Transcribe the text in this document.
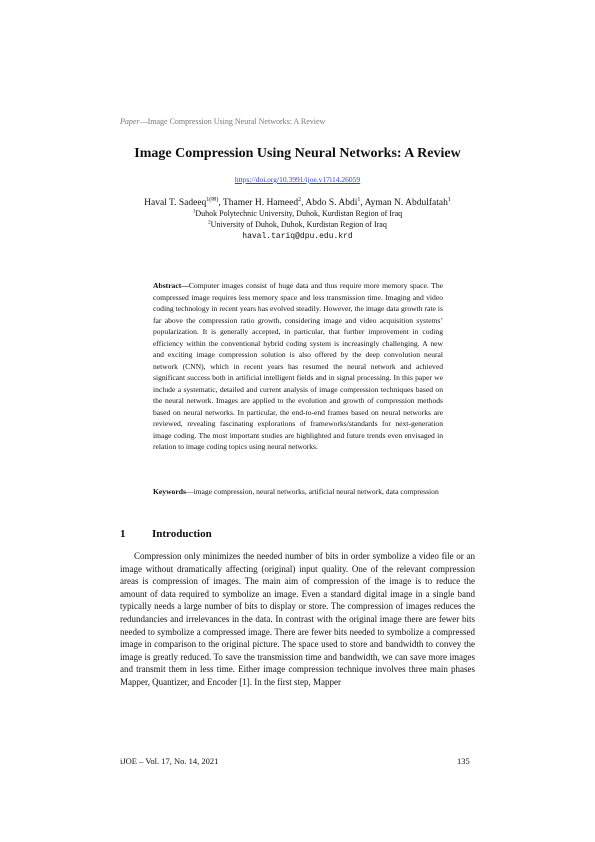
Paper—Image Compression Using Neural Networks: A Review
Image Compression Using Neural Networks: A Review
https://doi.org/10.3991/ijoe.v17i14.26059
Haval T. Sadeeq$^{1(✉)}$, Thamer H. Hameed$^2$, Abdo S. Abdi$^1$, Ayman N. Abdulfatah$^1$
$^1$Duhok Polytechnic University, Duhok, Kurdistan Region of Iraq
$^2$University of Duhok, Duhok, Kurdistan Region of Iraq
haval.tariq@dpu.edu.krd
Abstract—Computer images consist of huge data and thus require more memory space. The compressed image requires less memory space and less transmission time. Imaging and video coding technology in recent years has evolved steadily. However, the image data growth rate is far above the compression ratio growth, considering image and video acquisition systems’ popularization. It is generally accepted, in particular, that further improvement in coding efficiency within the conventional hybrid coding system is increasingly challenging. A new and exciting image compression solution is also offered by the deep convolution neural network (CNN), which in recent years has resumed the neural network and achieved significant success both in artificial intelligent fields and in signal processing. In this paper we include a systematic, detailed and current analysis of image compression techniques based on the neural network. Images are applied to the evolution and growth of compression methods based on neural networks. In particular, the end-to-end frames based on neural networks are reviewed, revealing fascinating explorations of frameworks/standards for next-generation image coding. The most important studies are highlighted and future trends even envisaged in relation to image coding topics using neural networks.
Keywords—image compression, neural networks, artificial neural network, data compression
1 Introduction
Compression only minimizes the needed number of bits in order symbolize a video file or an image without dramatically affecting (original) input quality. One of the relevant compression areas is compression of images. The main aim of compression of the image is to reduce the amount of data required to symbolize an image. Even a standard digital image in a single band typically needs a large number of bits to display or store. The compression of images reduces the redundancies and irrelevances in the data. In contrast with the original image there are fewer bits needed to symbolize a compressed image. There are fewer bits needed to symbolize a compressed image in comparison to the original picture. The space used to store and bandwidth to convey the image is greatly reduced. To save the transmission time and bandwidth, we can save more images and transmit them in less time. Either image compression technique involves three main phases Mapper, Quantizer, and Encoder [1]. In the first step, Mapper
iJOE – Vol. 17, No. 14, 2021	135
